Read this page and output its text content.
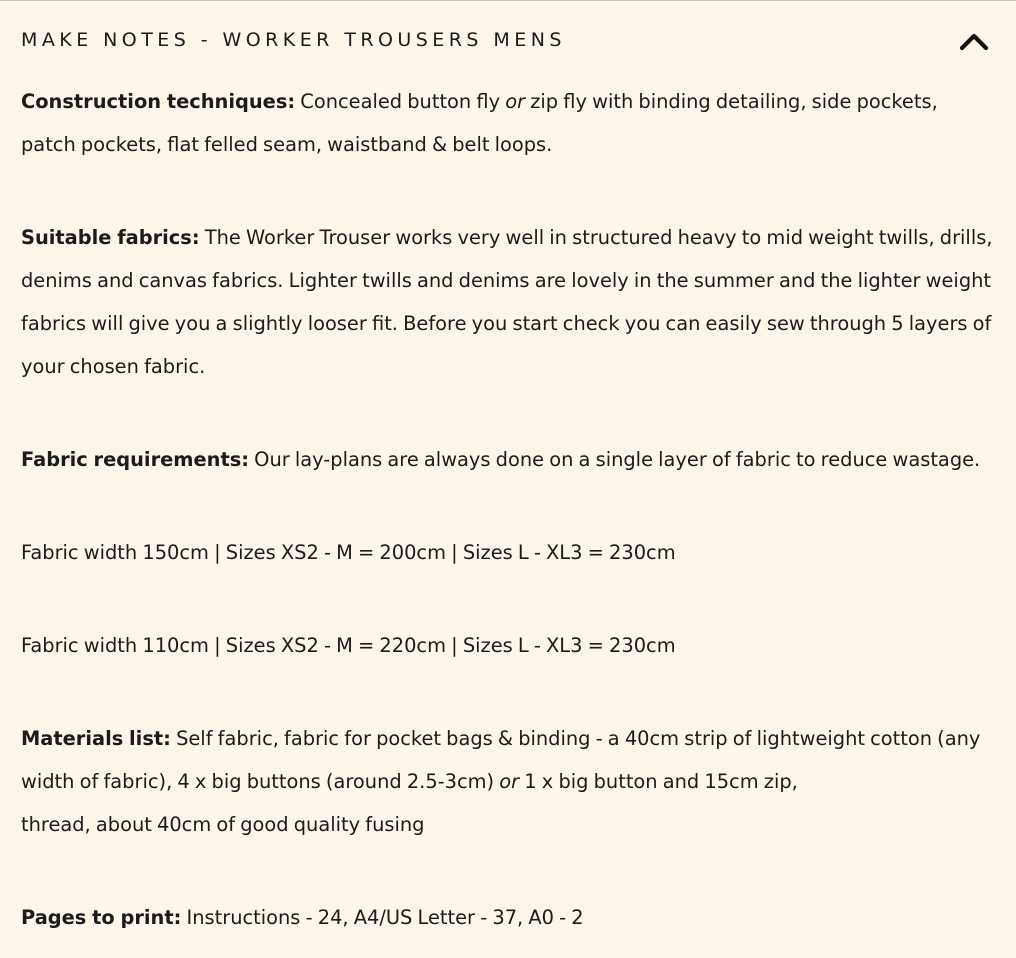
MAKE NOTES - WORKER TROUSERS MENS

Construction techniques: Concealed button fly or zip fly with binding detailing, side pockets, patch pockets, flat felled seam, waistband & belt loops.

Suitable fabrics: The Worker Trouser works very well in structured heavy to mid weight twills, drills, denims and canvas fabrics. Lighter twills and denims are lovely in the summer and the lighter weight fabrics will give you a slightly looser fit. Before you start check you can easily sew through 5 layers of your chosen fabric.

Fabric requirements: Our lay-plans are always done on a single layer of fabric to reduce wastage.

Fabric width 150cm | Sizes XS2 - M = 200cm | Sizes L - XL3 = 230cm

Fabric width 110cm | Sizes XS2 - M = 220cm | Sizes L - XL3 = 230cm

Materials list: Self fabric, fabric for pocket bags & binding - a 40cm strip of lightweight cotton (any width of fabric), 4 x big buttons (around 2.5-3cm) or 1 x big button and 15cm zip,
thread, about 40cm of good quality fusing

Pages to print: Instructions - 24, A4/US Letter - 37, A0 - 2
